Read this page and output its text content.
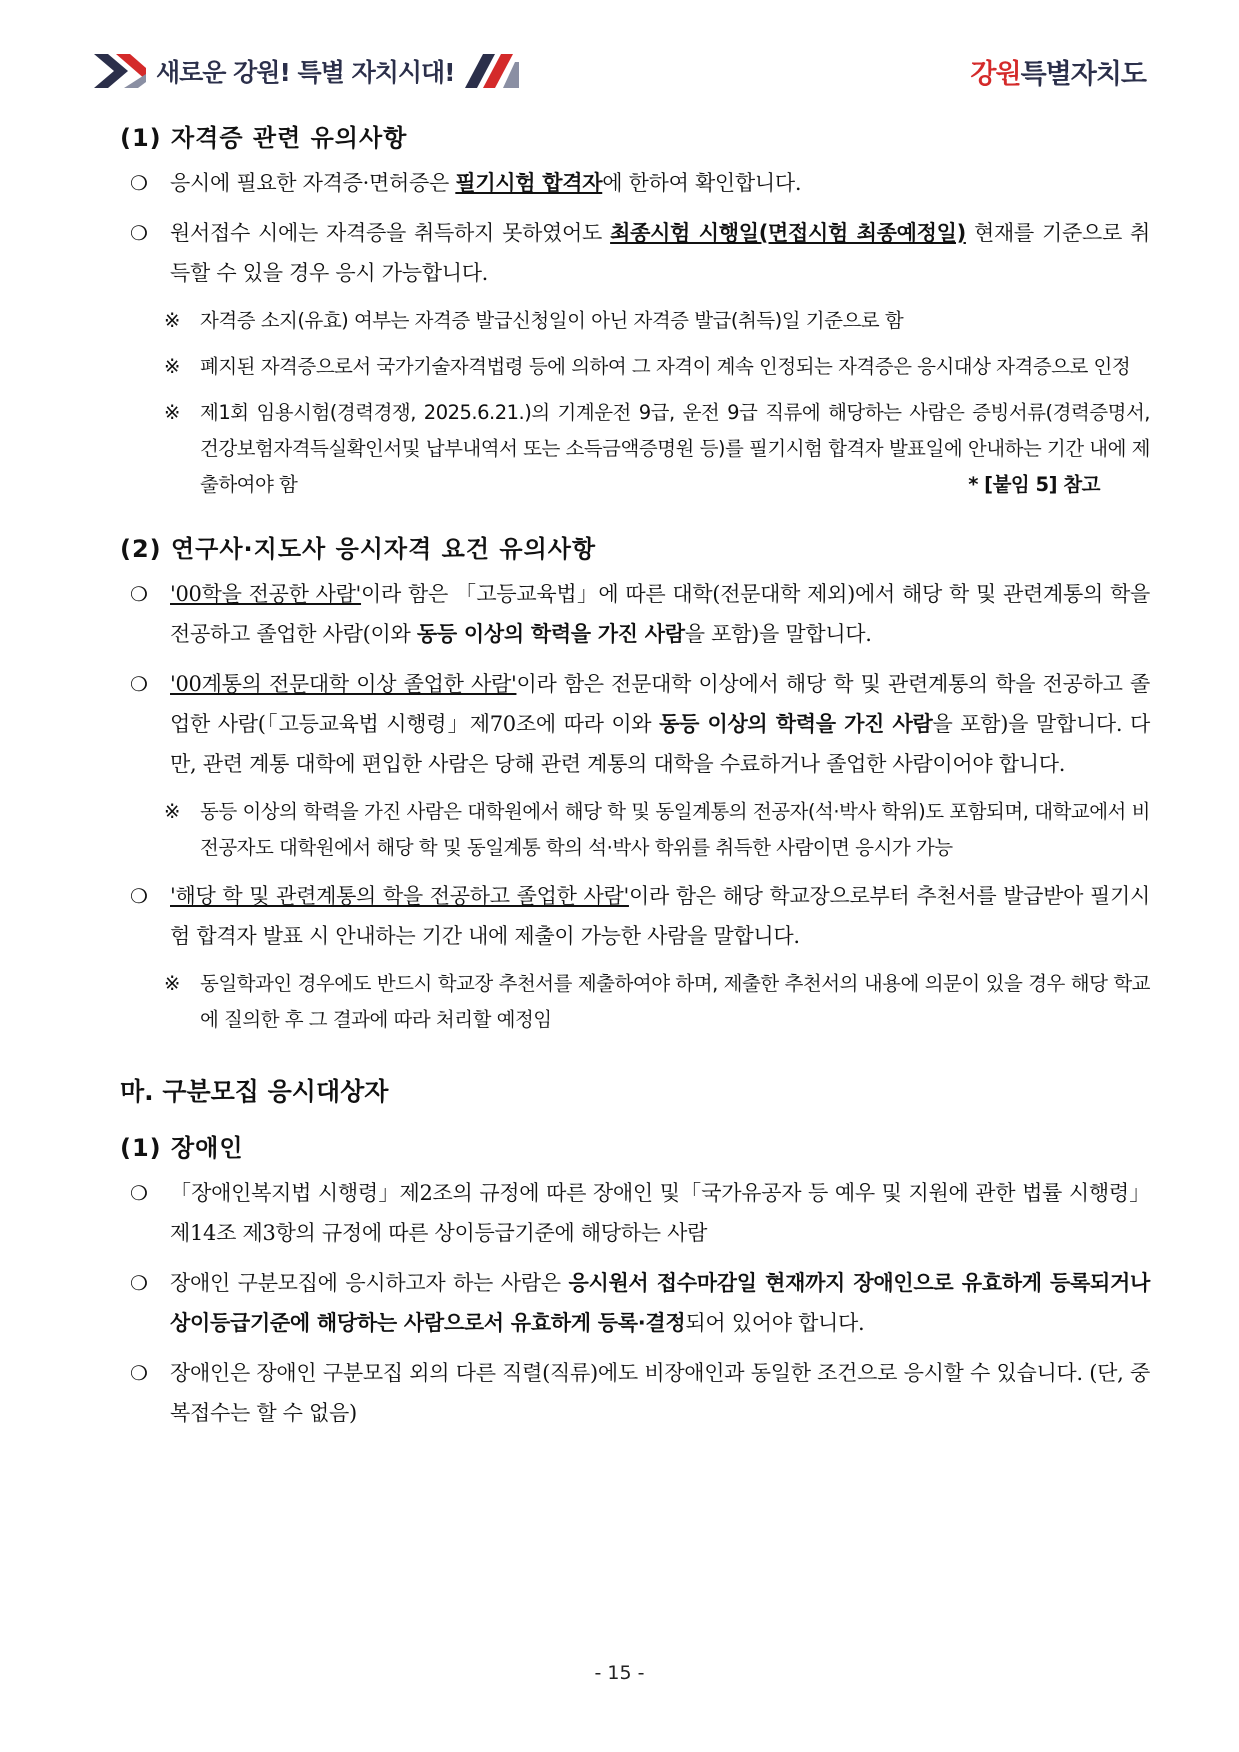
새로운 강원! 특별 자치시대!	강원특별자치도
(1) 자격증 관련 유의사항
❍ 응시에 필요한 자격증·면허증은 필기시험 합격자에 한하여 확인합니다.
❍ 원서접수 시에는 자격증을 취득하지 못하였어도 최종시험 시행일(면접시험 최종예정일) 현재를 기준으로 취득할 수 있을 경우 응시 가능합니다.
※ 자격증 소지(유효) 여부는 자격증 발급신청일이 아닌 자격증 발급(취득)일 기준으로 함
※ 폐지된 자격증으로서 국가기술자격법령 등에 의하여 그 자격이 계속 인정되는 자격증은 응시대상 자격증으로 인정
※ 제1회 임용시험(경력경쟁, 2025.6.21.)의 기계운전 9급, 운전 9급 직류에 해당하는 사람은 증빙서류(경력증명서, 건강보험자격득실확인서및 납부내역서 또는 소득금액증명원 등)를 필기시험 합격자 발표일에 안내하는 기간 내에 제출하여야 함	* [붙임 5] 참고
(2) 연구사·지도사 응시자격 요건 유의사항
❍ '00학을 전공한 사람'이라 함은 「고등교육법」에 따른 대학(전문대학 제외)에서 해당 학 및 관련계통의 학을 전공하고 졸업한 사람(이와 동등 이상의 학력을 가진 사람을 포함)을 말합니다.
❍ '00계통의 전문대학 이상 졸업한 사람'이라 함은 전문대학 이상에서 해당 학 및 관련계통의 학을 전공하고 졸업한 사람(「고등교육법 시행령」제70조에 따라 이와 동등 이상의 학력을 가진 사람을 포함)을 말합니다. 다만, 관련 계통 대학에 편입한 사람은 당해 관련 계통의 대학을 수료하거나 졸업한 사람이어야 합니다.
※ 동등 이상의 학력을 가진 사람은 대학원에서 해당 학 및 동일계통의 전공자(석·박사 학위)도 포함되며, 대학교에서 비전공자도 대학원에서 해당 학 및 동일계통 학의 석·박사 학위를 취득한 사람이면 응시가 가능
❍ '해당 학 및 관련계통의 학을 전공하고 졸업한 사람'이라 함은 해당 학교장으로부터 추천서를 발급받아 필기시험 합격자 발표 시 안내하는 기간 내에 제출이 가능한 사람을 말합니다.
※ 동일학과인 경우에도 반드시 학교장 추천서를 제출하여야 하며, 제출한 추천서의 내용에 의문이 있을 경우 해당 학교에 질의한 후 그 결과에 따라 처리할 예정임
마. 구분모집 응시대상자
(1) 장애인
❍ 「장애인복지법 시행령」제2조의 규정에 따른 장애인 및「국가유공자 등 예우 및 지원에 관한 법률 시행령」제14조 제3항의 규정에 따른 상이등급기준에 해당하는 사람
❍ 장애인 구분모집에 응시하고자 하는 사람은 응시원서 접수마감일 현재까지 장애인으로 유효하게 등록되거나 상이등급기준에 해당하는 사람으로서 유효하게 등록·결정되어 있어야 합니다.
❍ 장애인은 장애인 구분모집 외의 다른 직렬(직류)에도 비장애인과 동일한 조건으로 응시할 수 있습니다. (단, 중복접수는 할 수 없음)
- 15 -
